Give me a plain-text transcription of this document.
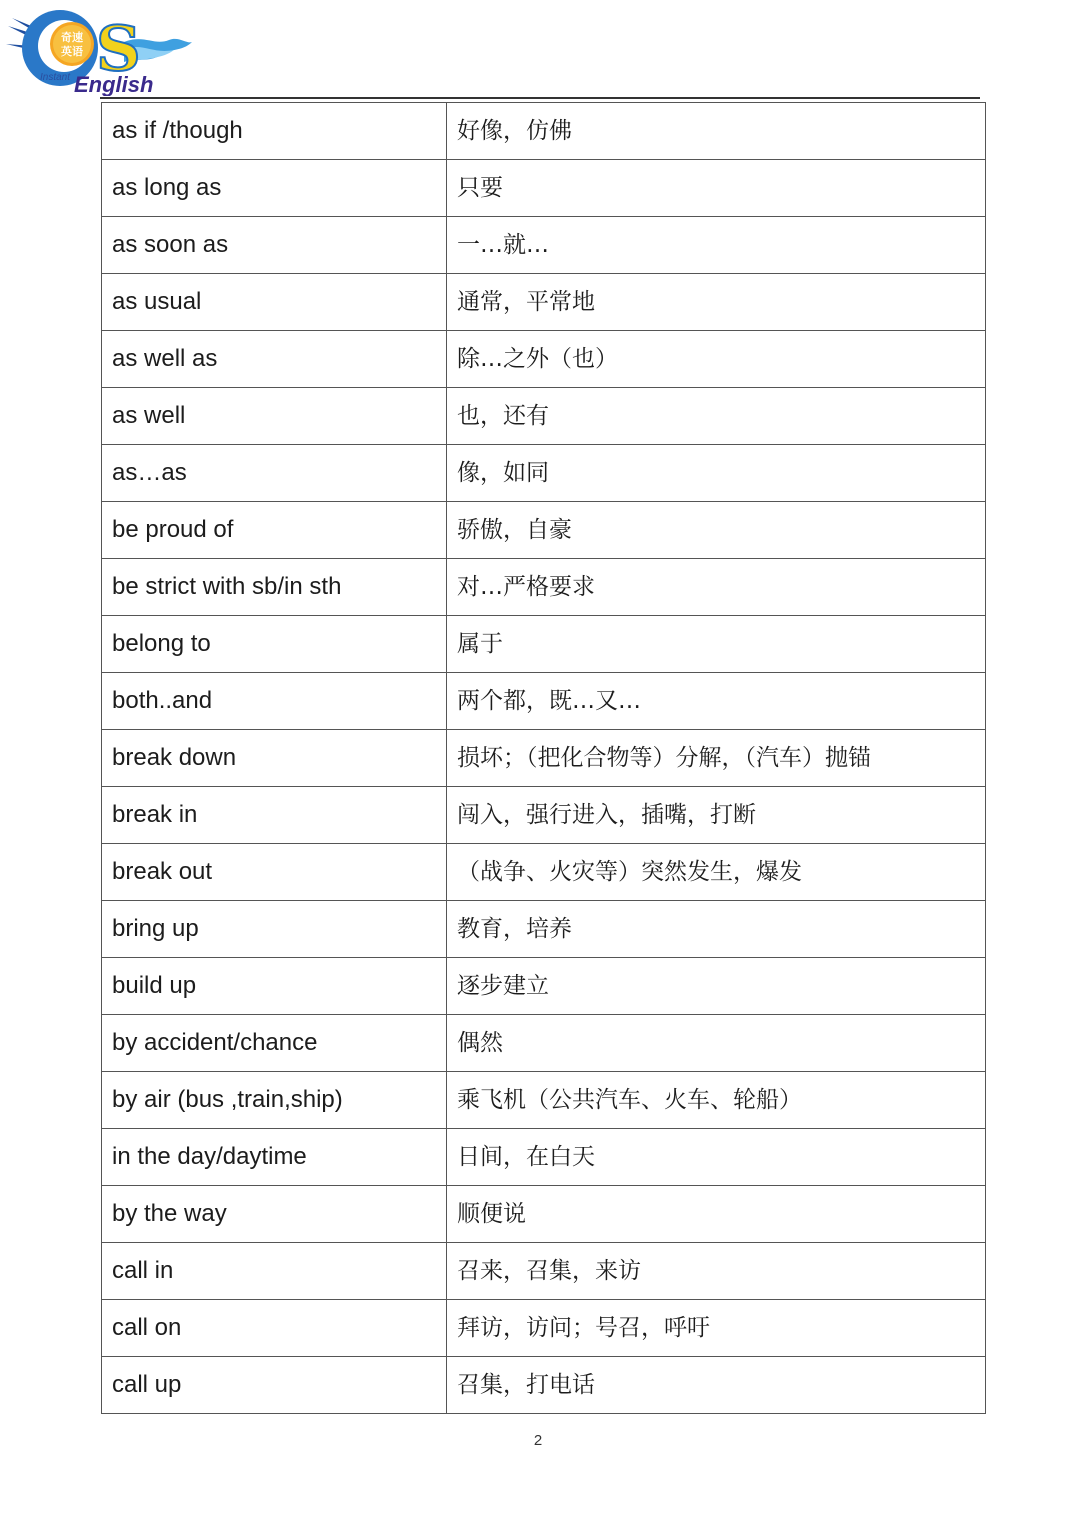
奇速
英语 S
Instant English
as if /though	好像，仿佛
as long as	只要
as soon as	一…就…
as usual	通常，平常地
as well as	除…之外（也）
as well	也，还有
as…as	像，如同
be proud of	骄傲，自豪
be strict with sb/in sth	对…严格要求
belong to	属于
both..and	两个都，既…又…
break down	损坏；（把化合物等）分解，（汽车）抛锚
break in	闯入，强行进入，插嘴，打断
break out	（战争、火灾等）突然发生，爆发
bring up	教育，培养
build up	逐步建立
by accident/chance	偶然
by air (bus ,train,ship)	乘飞机（公共汽车、火车、轮船）
in the day/daytime	日间，在白天
by the way	顺便说
call in	召来，召集，来访
call on	拜访，访问；号召，呼吁
call up	召集，打电话
2
